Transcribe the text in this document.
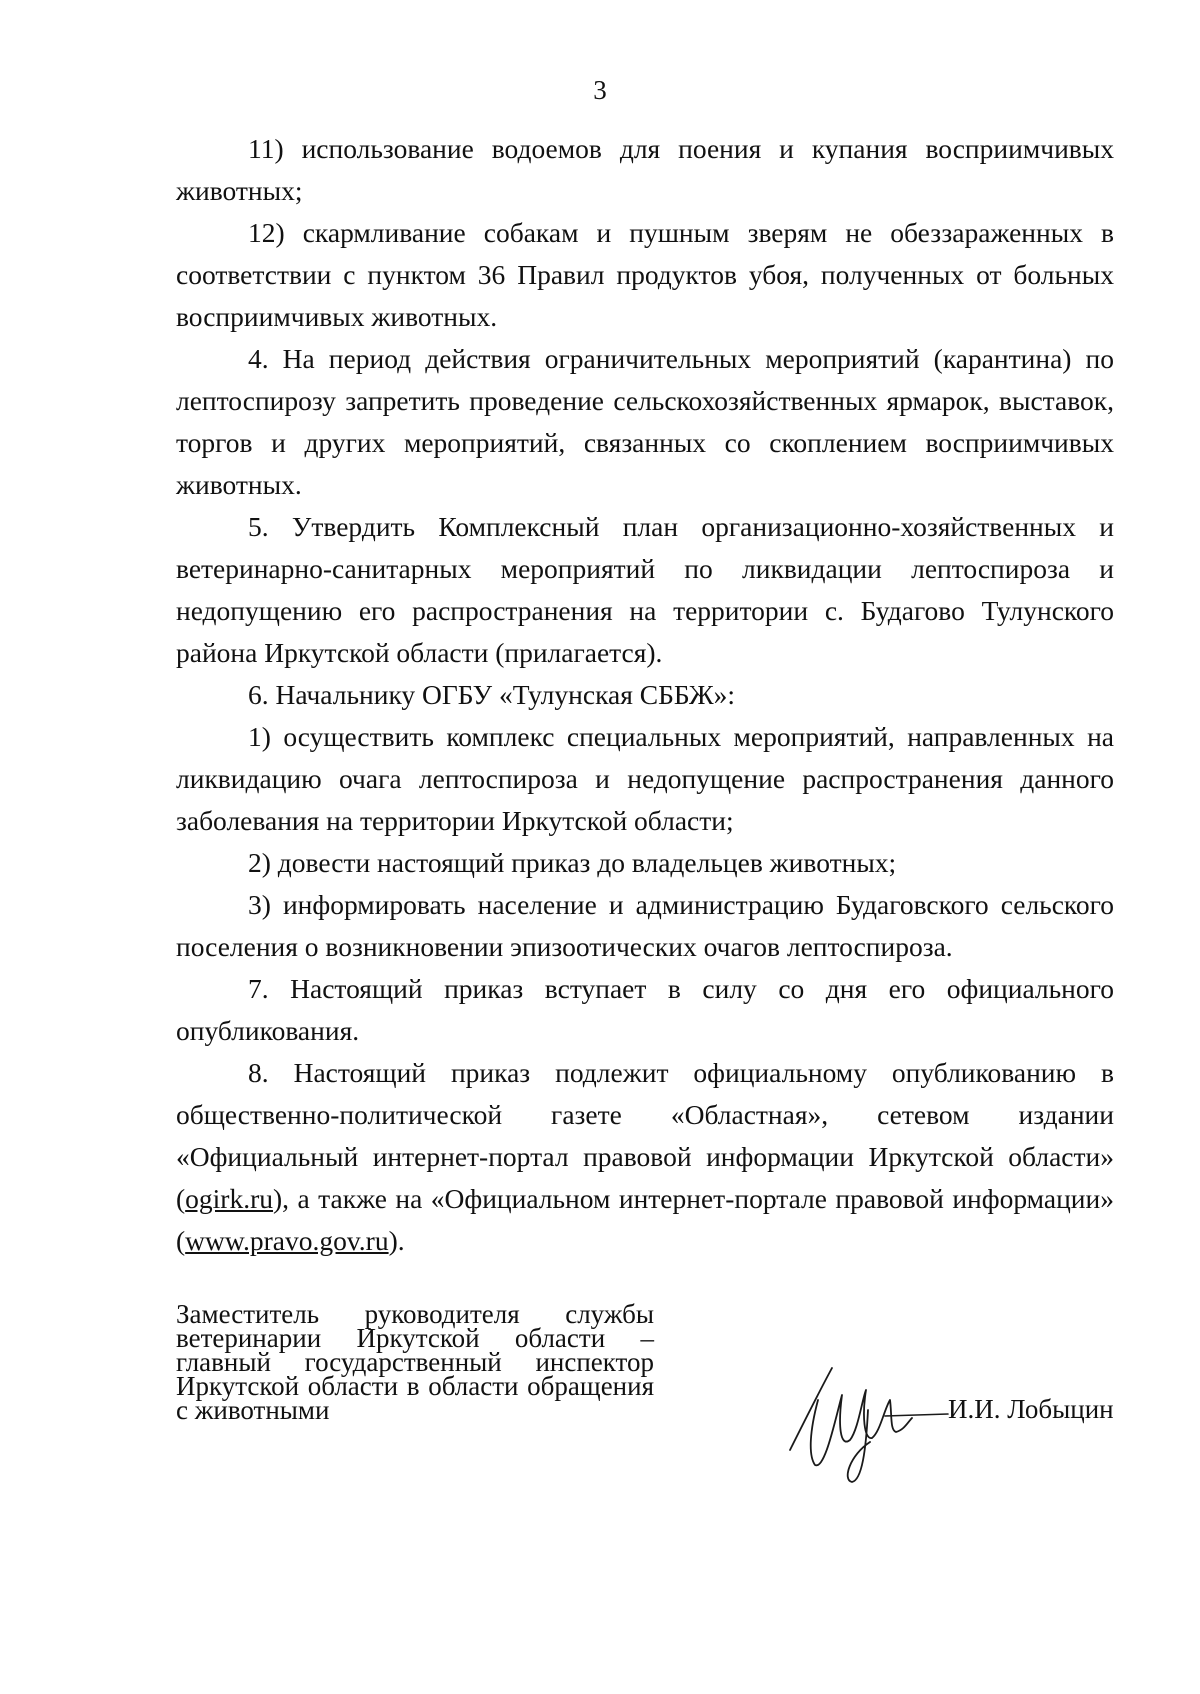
3

11) использование водоемов для поения и купания восприимчивых животных;

12) скармливание собакам и пушным зверям не обеззараженных в соответствии с пунктом 36 Правил продуктов убоя, полученных от больных восприимчивых животных.

4. На период действия ограничительных мероприятий (карантина) по лептоспирозу запретить проведение сельскохозяйственных ярмарок, выставок, торгов и других мероприятий, связанных со скоплением восприимчивых животных.

5. Утвердить Комплексный план организационно-хозяйственных и ветеринарно-санитарных мероприятий по ликвидации лептоспироза и недопущению его распространения на территории с. Будагово Тулунского района Иркутской области (прилагается).

6. Начальнику ОГБУ «Тулунская СББЖ»:

1) осуществить комплекс специальных мероприятий, направленных на ликвидацию очага лептоспироза и недопущение распространения данного заболевания на территории Иркутской области;

2) довести настоящий приказ до владельцев животных;

3) информировать население и администрацию Будаговского сельского поселения о возникновении эпизоотических очагов лептоспироза.

7. Настоящий приказ вступает в силу со дня его официального опубликования.

8. Настоящий приказ подлежит официальному опубликованию в общественно-политической газете «Областная», сетевом издании «Официальный интернет-портал правовой информации Иркутской области» (ogirk.ru), а также на «Официальном интернет-портале правовой информации» (www.pravo.gov.ru).

Заместитель руководителя службы ветеринарии Иркутской области – главный государственный инспектор Иркутской области в области обращения с животными	И.И. Лобыцин
